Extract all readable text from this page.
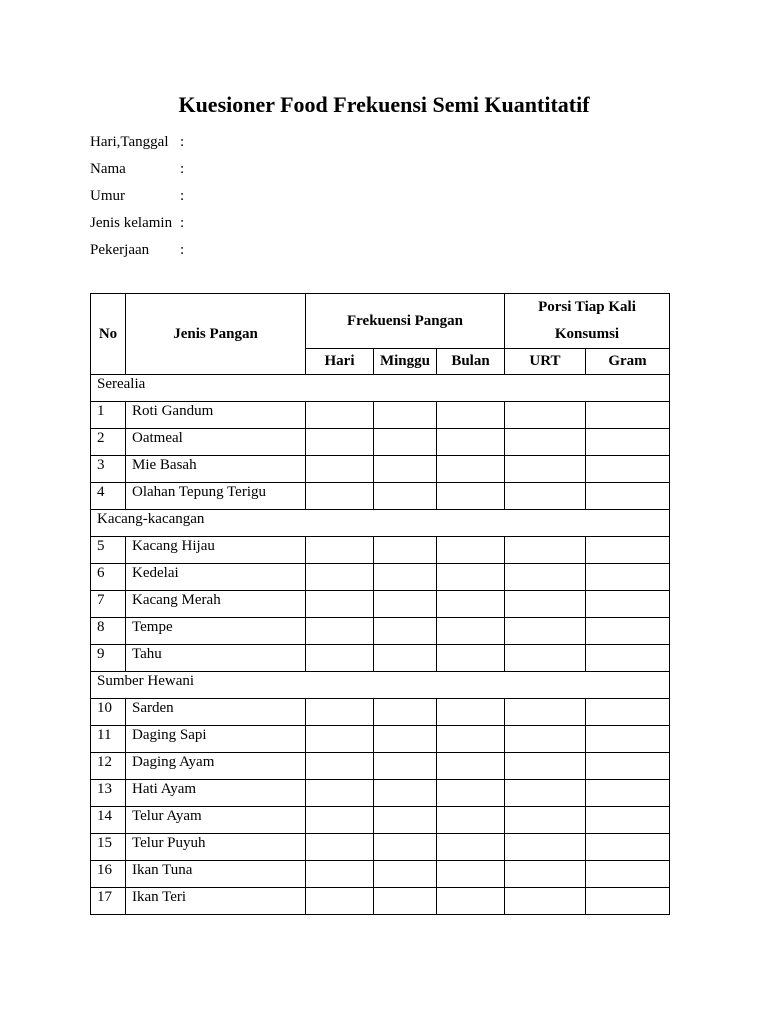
Kuesioner Food Frekuensi Semi Kuantitatif
Hari,Tanggal :
Nama	:
Umur	:
Jenis kelamin :
Pekerjaan	:
No	Jenis Pangan	Frekuensi Pangan			Porsi Tiap Kali
Konsumsi	

		Hari	Minggu	Bulan	URT	Gram
Serealia						
1	Roti Gandum					
2	Oatmeal					
3	Mie Basah					
4	Olahan Tepung Terigu					
Kacang-kacangan						
5	Kacang Hijau					
6	Kedelai					
7	Kacang Merah					
8	Tempe					
9	Tahu					
Sumber Hewani						
10	Sarden					
11	Daging Sapi					
12	Daging Ayam					
13	Hati Ayam					
14	Telur Ayam					
15	Telur Puyuh					
16	Ikan Tuna					
17	Ikan Teri					
